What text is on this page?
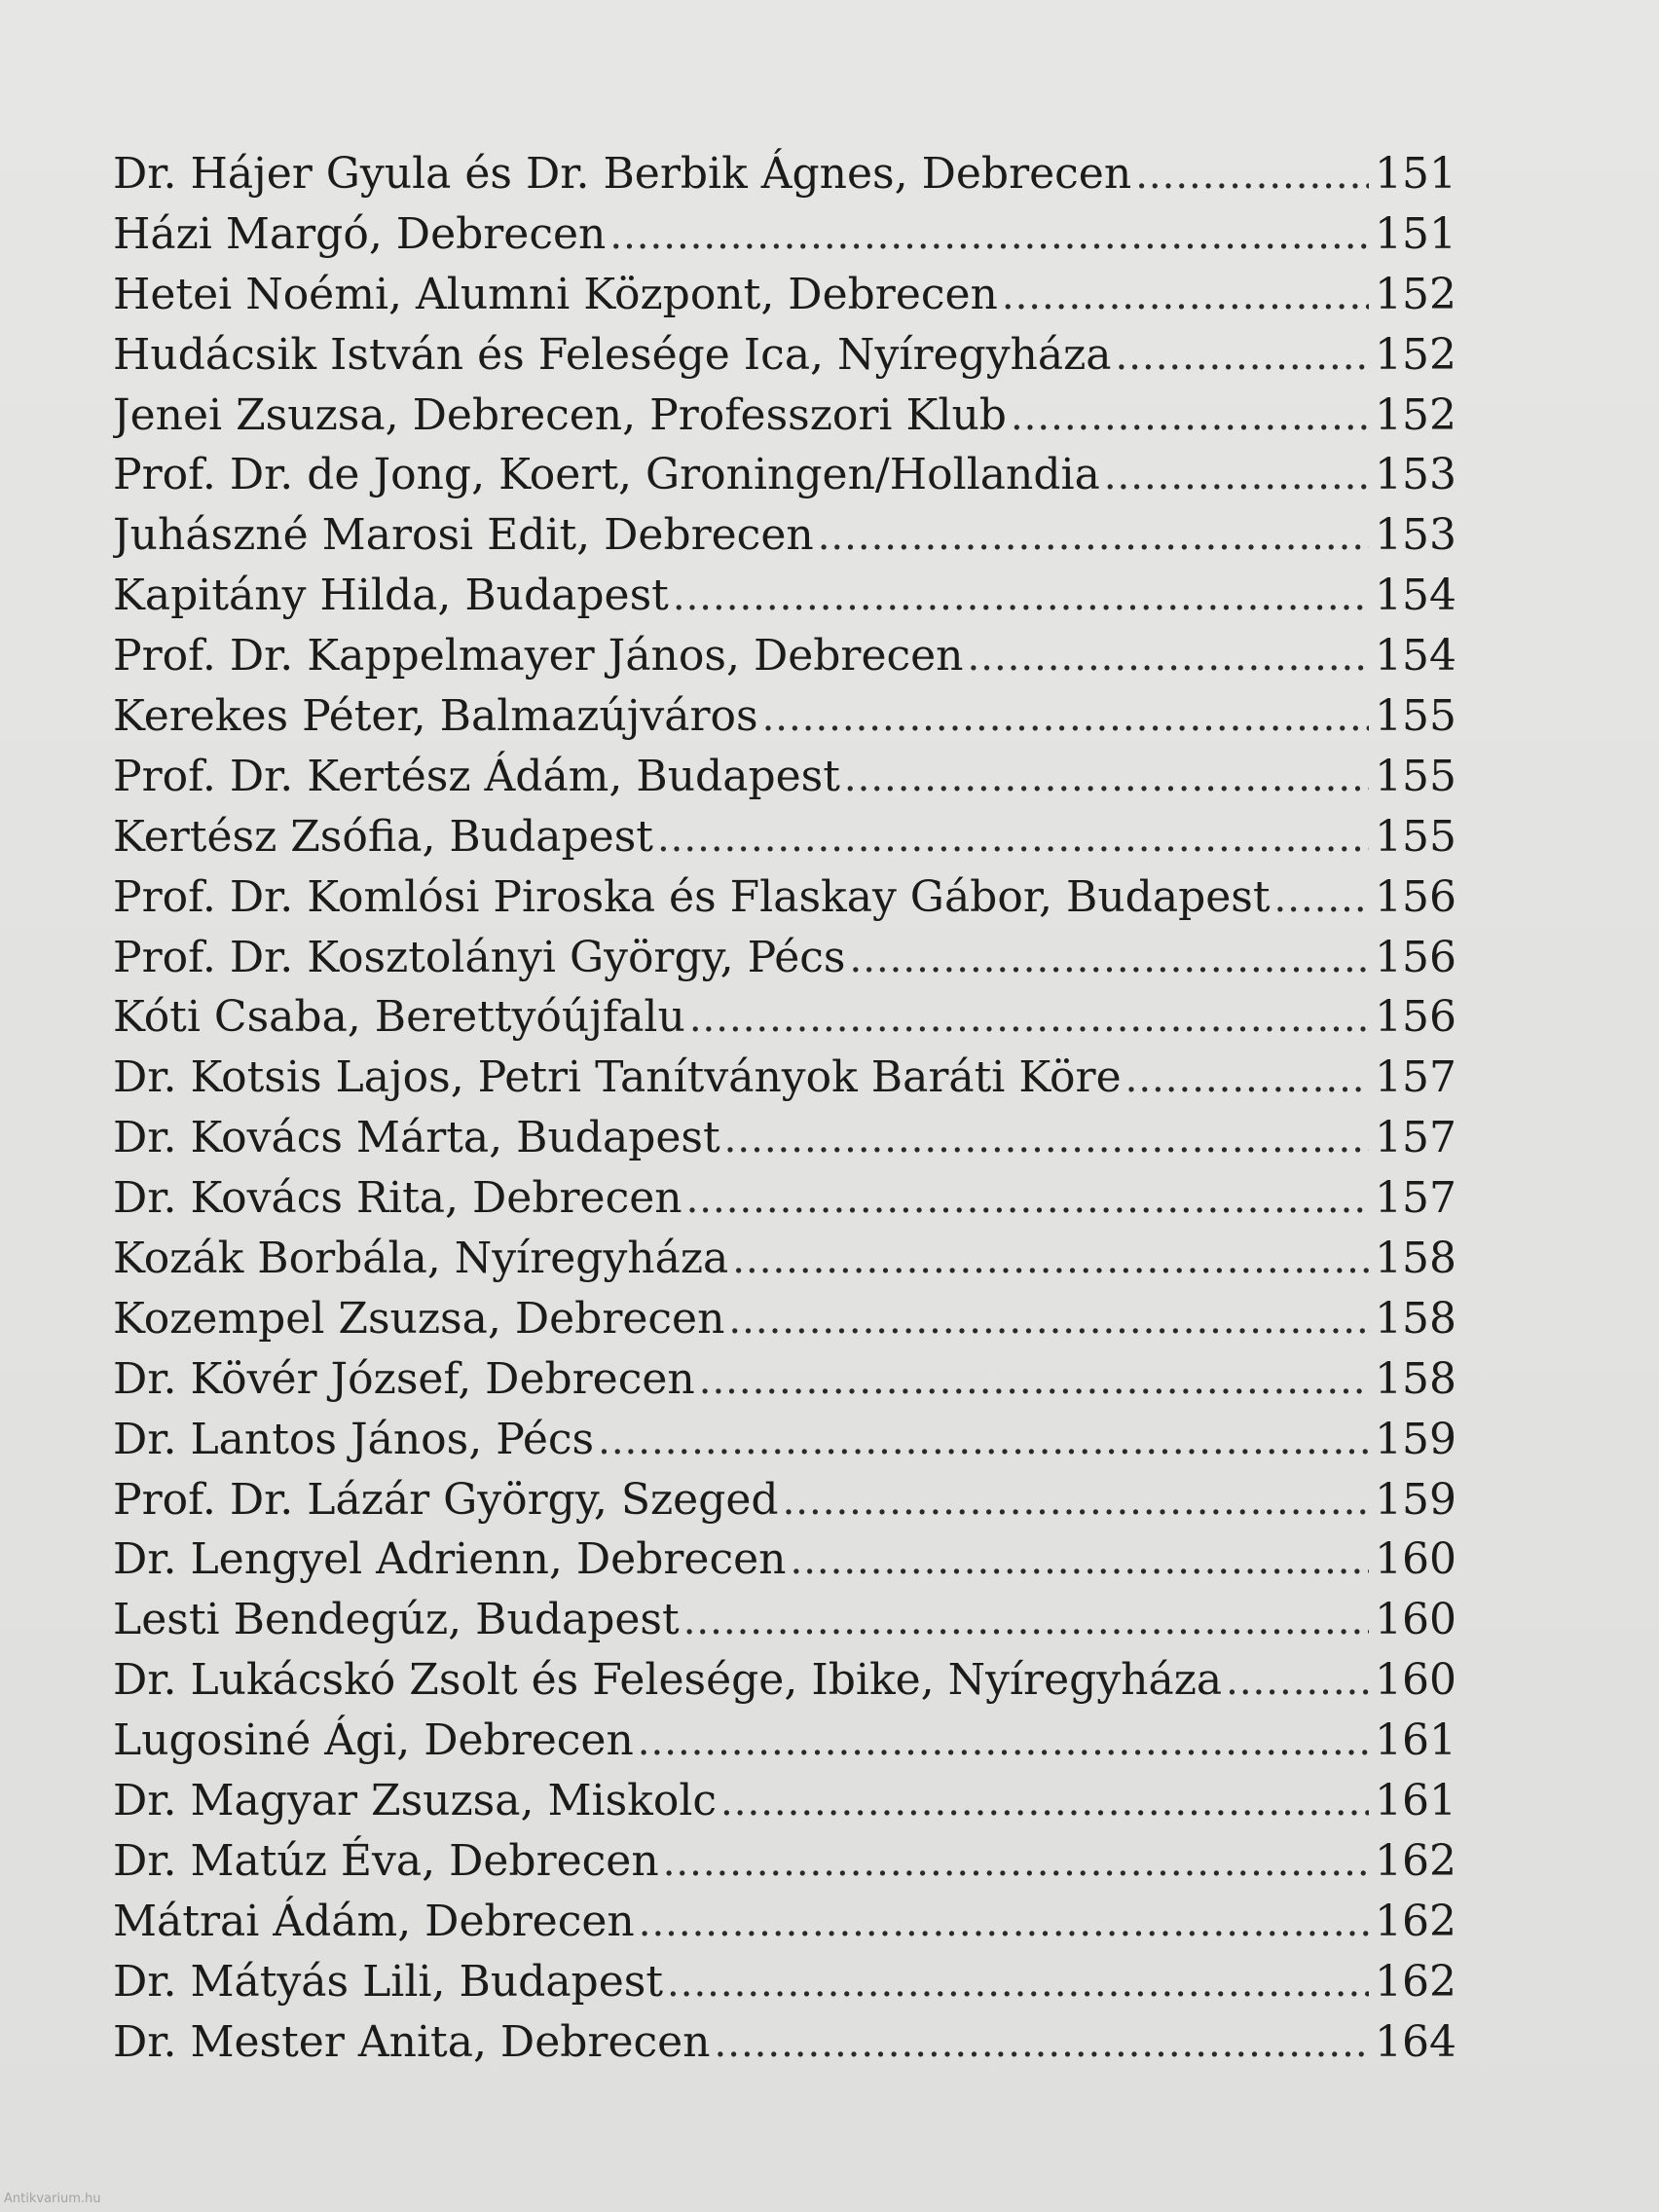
Dr. Hájer Gyula és Dr. Berbik Ágnes, Debrecen .....	151
Házi Margó, Debrecen .....	151
Hetei Noémi, Alumni Központ, Debrecen .....	152
Hudácsik István és Felesége Ica, Nyíregyháza .....	152
Jenei Zsuzsa, Debrecen, Professzori Klub .....	152
Prof. Dr. de Jong, Koert, Groningen/Hollandia .....	153
Juhászné Marosi Edit, Debrecen .....	153
Kapitány Hilda, Budapest .....	154
Prof. Dr. Kappelmayer János, Debrecen .....	154
Kerekes Péter, Balmazújváros .....	155
Prof. Dr. Kertész Ádám, Budapest .....	155
Kertész Zsófia, Budapest .....	155
Prof. Dr. Komlósi Piroska és Flaskay Gábor, Budapest ..... 156
Prof. Dr. Kosztolányi György, Pécs .....	156
Kóti Csaba, Berettyóújfalu .....	156
Dr. Kotsis Lajos, Petri Tanítványok Baráti Köre .....	157
Dr. Kovács Márta, Budapest .....	157
Dr. Kovács Rita, Debrecen .....	157
Kozák Borbála, Nyíregyháza .....	158
Kozempel Zsuzsa, Debrecen .....	158
Dr. Kövér József, Debrecen .....	158
Dr. Lantos János, Pécs .....	159
Prof. Dr. Lázár György, Szeged .....	159
Dr. Lengyel Adrienn, Debrecen .....	160
Lesti Bendegúz, Budapest .....	160
Dr. Lukácskó Zsolt és Felesége, Ibike, Nyíregyháza .....	160
Lugosiné Ági, Debrecen .....	161
Dr. Magyar Zsuzsa, Miskolc .....	161
Dr. Matúz Éva, Debrecen .....	162
Mátrai Ádám, Debrecen .....	162
Dr. Mátyás Lili, Budapest .....	162
Dr. Mester Anita, Debrecen .....	164
Antikvarium.hu
